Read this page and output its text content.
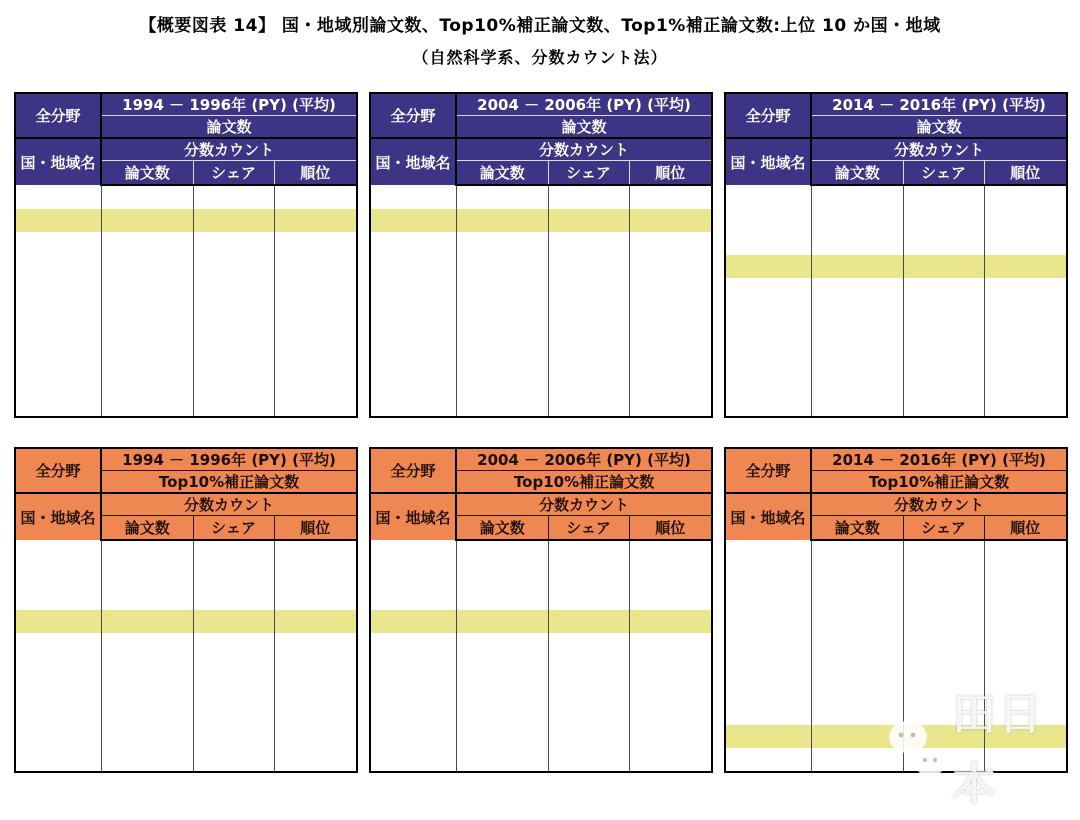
【概要図表 14】 国・地域別論文数、Top10%補正論文数、Top1%補正論文数:上位 10 か国・地域
（自然科学系、分数カウント法）
全分野	1994 － 1996年 (PY) (平均)		
	論文数		
国・地域名	分数カウント		
	論文数	シェア	順位

全分野	2004 － 2006年 (PY) (平均)		
	論文数		
国・地域名	分数カウント		
	論文数	シェア	順位

全分野	2014 － 2016年 (PY) (平均)		
	論文数		
国・地域名	分数カウント		
	論文数	シェア	順位

全分野	1994 － 1996年 (PY) (平均)		
	Top10%補正論文数		
国・地域名	分数カウント		
	論文数	シェア	順位

全分野	2004 － 2006年 (PY) (平均)		
	Top10%補正論文数		
国・地域名	分数カウント		
	論文数	シェア	順位

全分野	2014 － 2016年 (PY) (平均)		
	Top10%補正論文数		
国・地域名	分数カウント		
	論文数	シェア	順位

田日本
